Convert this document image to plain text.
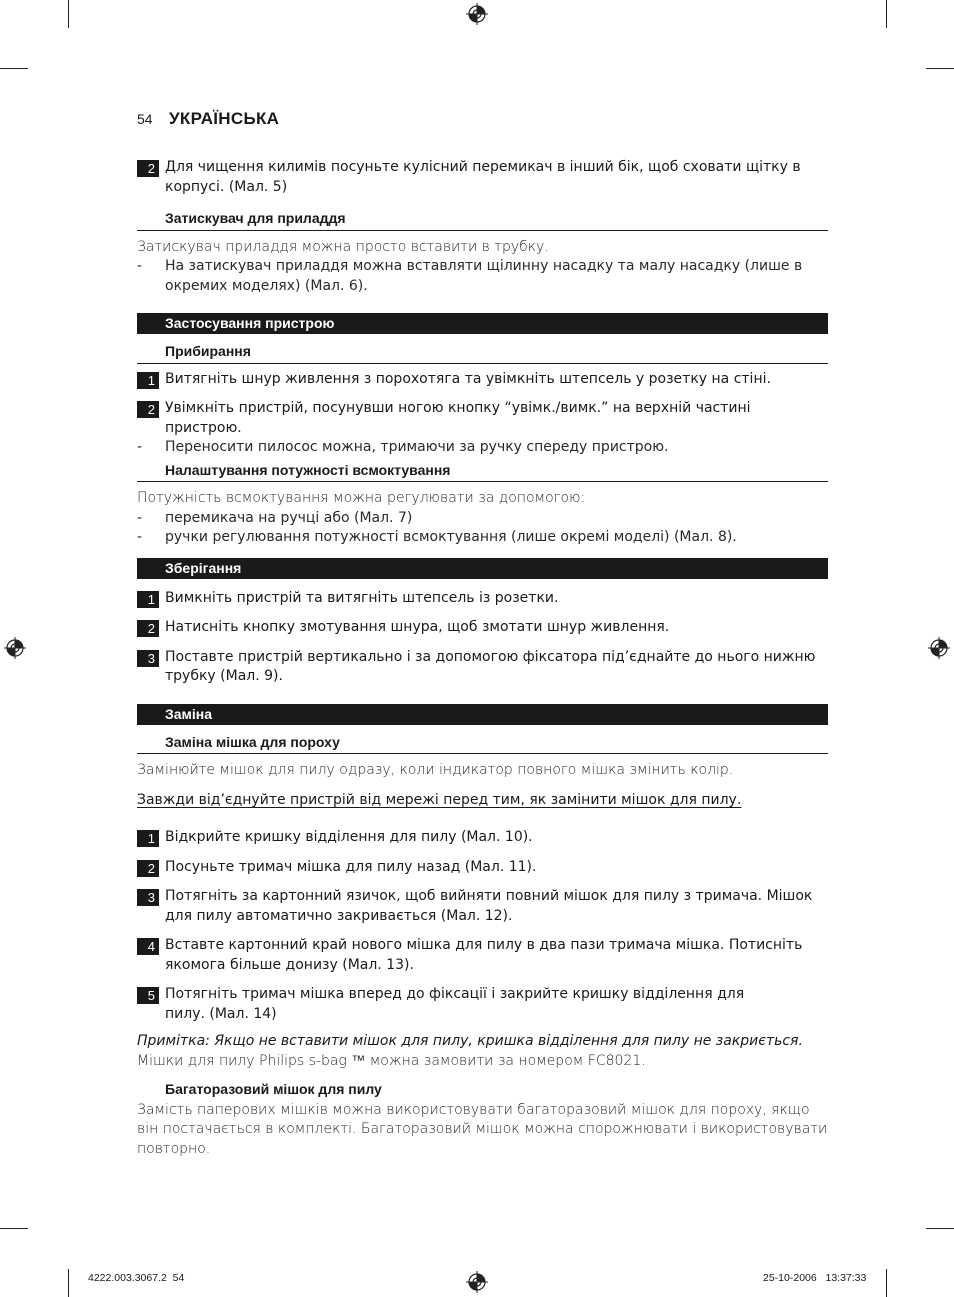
54 УКРАЇНСЬКА
2 Для чищення килимів посуньте кулісний перемикач в інший бік, щоб сховати щітку в корпусі. (Мал. 5)
Затискувач для приладдя
Затискувач приладдя можна просто вставити в трубку.
-	На затискувач приладдя можна вставляти щілинну насадку та малу насадку (лише в окремих моделях) (Мал. 6).
Застосування пристрою
Прибирання
1 Витягніть шнур живлення з порохотяга та увімкніть штепсель у розетку на стіні.
2 Увімкніть пристрій, посунувши ногою кнопку “увімк./вимк.” на верхній частині пристрою.
-	Переносити пилосос можна, тримаючи за ручку спереду пристрою.
Налаштування потужності всмоктування
Потужність всмоктування можна регулювати за допомогою:
-	перемикача на ручці або (Мал. 7)
-	ручки регулювання потужності всмоктування (лише окремі моделі) (Мал. 8).
Зберігання
1 Вимкніть пристрій та витягніть штепсель із розетки.
2 Натисніть кнопку змотування шнура, щоб змотати шнур живлення.
3 Поставте пристрій вертикально і за допомогою фіксатора під’єднайте до нього нижню трубку (Мал. 9).
Заміна
Заміна мішка для пороху
Замінюйте мішок для пилу одразу, коли індикатор повного мішка змінить колір.
Завжди від’єднуйте пристрій від мережі перед тим, як замінити мішок для пилу.
1 Відкрийте кришку відділення для пилу (Мал. 10).
2 Посуньте тримач мішка для пилу назад (Мал. 11).
3 Потягніть за картонний язичок, щоб вийняти повний мішок для пилу з тримача. Мішок для пилу автоматично закривається (Мал. 12).
4 Вставте картонний край нового мішка для пилу в два пази тримача мішка. Потисніть якомога більше донизу (Мал. 13).
5 Потягніть тримач мішка вперед до фіксації і закрийте кришку відділення для пилу. (Мал. 14)
Примітка: Якщо не вставити мішок для пилу, кришка відділення для пилу не закриється.
Мішки для пилу Philips s-bag ™ можна замовити за номером FC8021.
Багаторазовий мішок для пилу
Замість паперових мішків можна використовувати багаторазовий мішок для пороху, якщо він постачається в комплекті. Багаторазовий мішок можна спорожнювати і використовувати повторно.
4222.003.3067.2 54	25-10-2006 13:37:33
